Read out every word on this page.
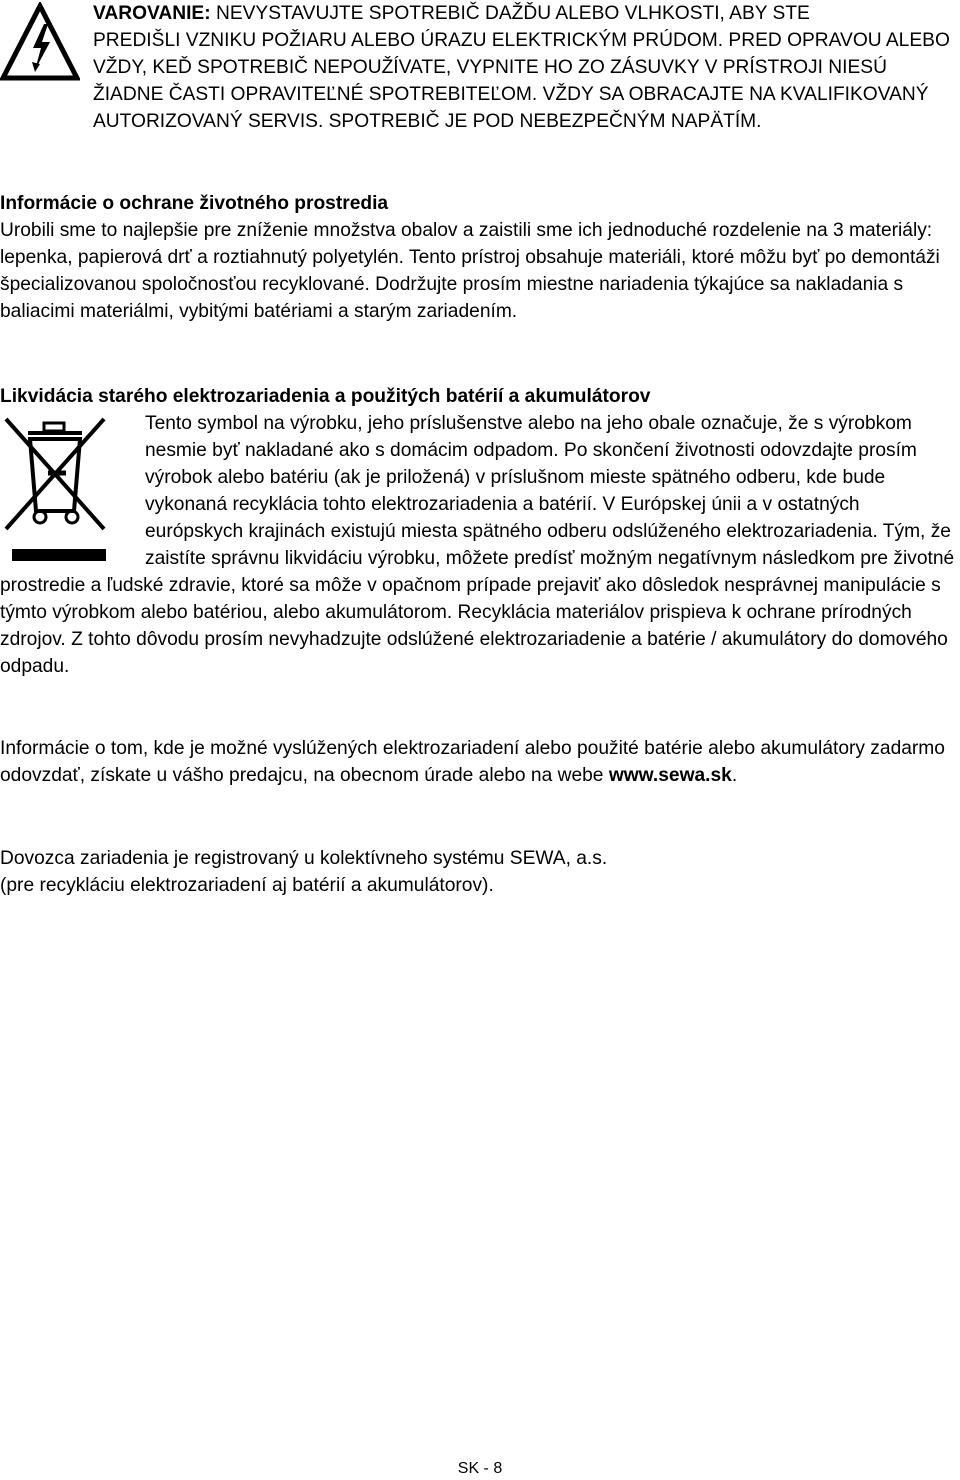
VAROVANIE: NEVYSTAVUJTE SPOTREBIČ DAŽĎU ALEBO VLHKOSTI, ABY STE
PREDIŠLI VZNIKU POŽIARU ALEBO ÚRAZU ELEKTRICKÝM PRÚDOM. PRED OPRAVOU ALEBO VŽDY, KEĎ SPOTREBIČ NEPOUŽÍVATE, VYPNITE HO ZO ZÁSUVKY V PRÍSTROJI NIESÚ ŽIADNE ČASTI OPRAVITEĽNÉ SPOTREBITEĽOM. VŽDY SA OBRACAJTE NA KVALIFIKOVANÝ AUTORIZOVANÝ SERVIS. SPOTREBIČ JE POD NEBEZPEČNÝM NAPÄTÍM.

Informácie o ochrane životného prostredia

Urobili sme to najlepšie pre zníženie množstva obalov a zaistili sme ich jednoduché rozdelenie na 3 materiály: lepenka, papierová drť a roztiahnutý polyetylén. Tento prístroj obsahuje materiáli, ktoré môžu byť po demontáži špecializovanou spoločnosťou recyklované. Dodržujte prosím miestne nariadenia týkajúce sa nakladania s baliacimi materiálmi, vybitými batériami a starým zariadením.

Likvidácia starého elektrozariadenia a použitých batérií a akumulátorov

Tento symbol na výrobku, jeho príslušenstve alebo na jeho obale označuje, že s výrobkom nesmie byť nakladané ako s domácim odpadom. Po skončení životnosti odovzdajte prosím výrobok alebo batériu (ak je priložená) v príslušnom mieste spätného odberu, kde bude vykonaná recyklácia tohto elektrozariadenia a batérií. V Európskej únii a v ostatných európskych krajinách existujú miesta spätného odberu odslúženého elektrozariadenia. Tým, že zaistíte správnu likvidáciu výrobku, môžete predísť možným negatívnym následkom pre životné

prostredie a ľudské zdravie, ktoré sa môže v opačnom prípade prejaviť ako dôsledok nesprávnej manipulácie s týmto výrobkom alebo batériou, alebo akumulátorom. Recyklácia materiálov prispieva k ochrane prírodných zdrojov. Z tohto dôvodu prosím nevyhadzujte odslúžené elektrozariadenie a batérie / akumulátory do domového odpadu.

Informácie o tom, kde je možné vyslúžených elektrozariadení alebo použité batérie alebo akumulátory zadarmo odovzdať, získate u vášho predajcu, na obecnom úrade alebo na webe www.sewa.sk.

Dovozca zariadenia je registrovaný u kolektívneho systému SEWA, a.s.

(pre recykláciu elektrozariadení aj batérií a akumulátorov).

SK - 8
